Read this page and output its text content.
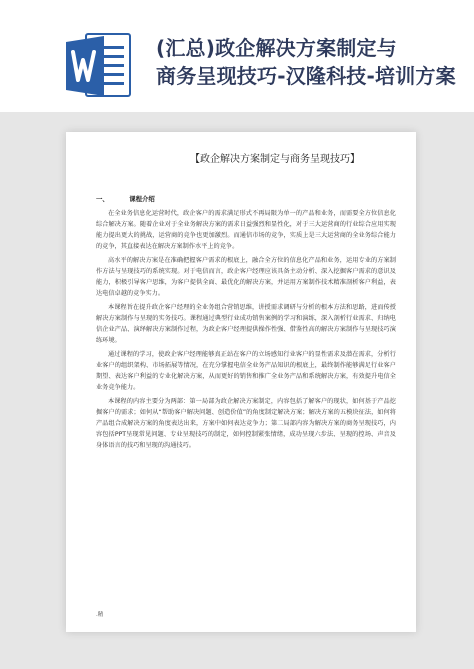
(汇总)政企解决方案制定与
商务呈现技巧-汉隆科技-培训方案
【政企解决方案制定与商务呈现技巧】
一、	课程介绍

在全业务信息化运营时代，政企客户的需求满足形式不再局限为单一的产品和业务，而需要全方位信息化综合解决方案。随着企业对于全业务解决方案的需求日益强烈和显性化，对于三大运营商的行业综合应用实现能力提出更大的挑战，运营商的竞争也更加激烈。而通信市场的竞争，实质上是三大运营商的全业务综合能力的竞争，其直接表达在解决方案制作水平上的竞争。

高水平的解决方案是在准确把握客户需求的根底上，融合全方位的信息化产品和业务，运用专业的方案制作方法与呈现技巧的系统实现。对于电信而言，政企客户经理应该具备主动分析、深入挖掘客户需求的意识及能力，积极引导客户思维，为客户提供全面、最优化的解决方案，并运用方案制作技术精准剖析客户利益，表达电信卓越的竞争实力。

本课程旨在提升政企客户经理的全业务组合营销思维，讲授需求调研与分析的根本方法和思路，进而传授解决方案制作与呈现的实务技巧。课程通过典型行业成功销售案例的学习和演练，深入剖析行业需求、归纳电信企业产品、演绎解决方案制作过程，为政企客户经理提供操作性强、借鉴性高的解决方案制作与呈现技巧演练环境。

通过课程的学习，使政企客户经理能够真正站在客户的立场感知行业客户的显性需求及潜在需求，分析行业客户的组织架构、市场拓展等情况，在充分掌握电信全业务产品知识的根底上，最终制作能够满足行业客户期望、表达客户利益的专业化解决方案，从而更好的销售和推广全业务产品和系统解决方案，有效提升电信全业务竞争能力。

本课程的内容主要分为两部：第一局部为政企解决方案制定，内容包括了解客户的现状，如何基于产品挖掘客户的需求；如何从“帮助客户解决问题、创造价值”的角度制定解决方案；解决方案的五模块征法，如何将产品组合成解决方案的角度表达出来，方案中如何表达竞争力；第二局部内容为解决方案的商务呈现技巧，内容包括PPT呈现常见问题、专业呈现技巧的制定，如何控制紧张情绪，成功呈现六步法、呈现的控场、声音及身体语言的技巧和呈现的沟通技巧。

.精
